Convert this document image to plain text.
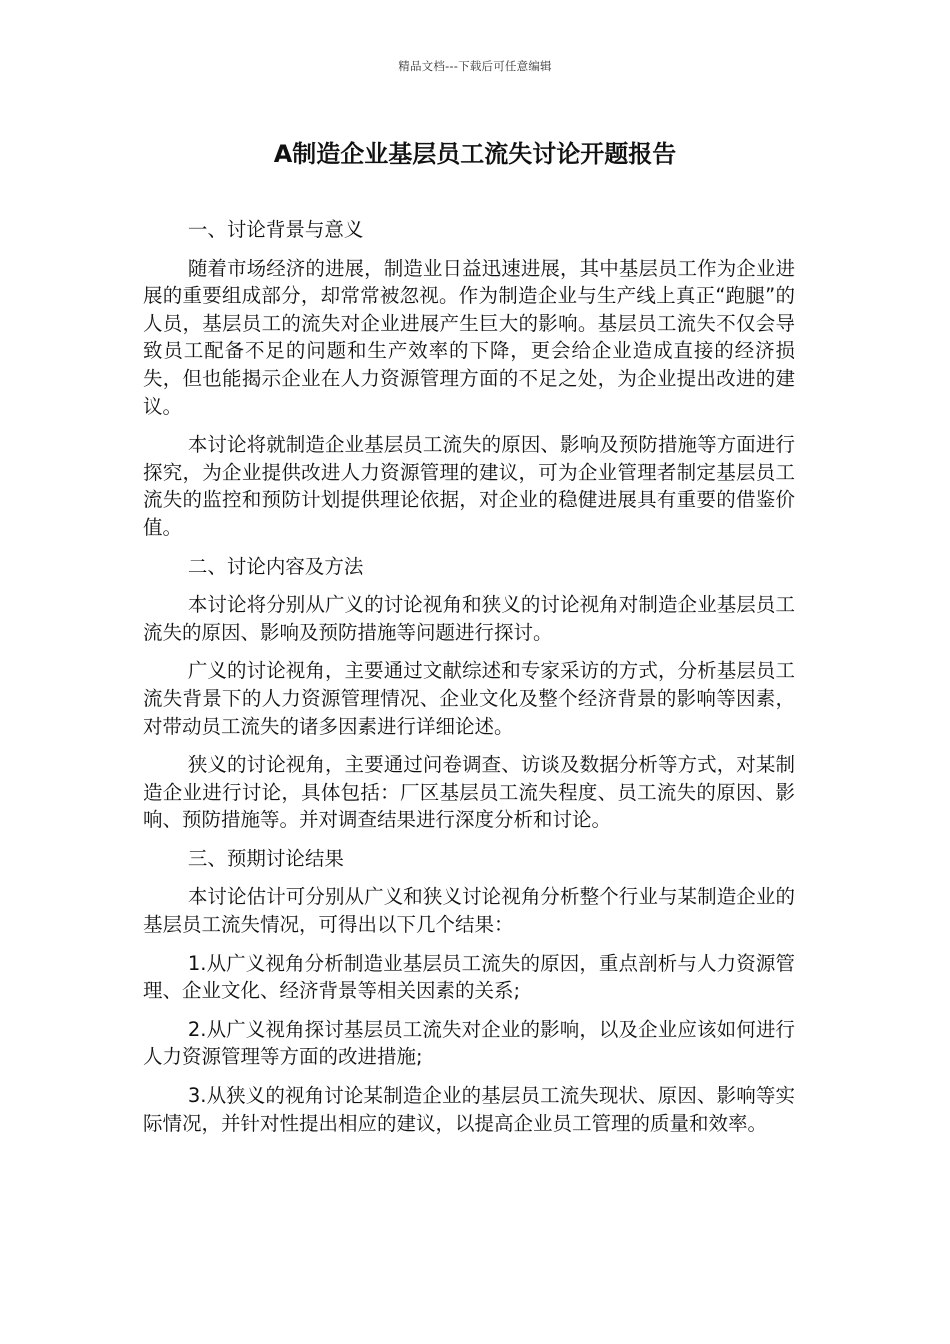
精品文档---下载后可任意编辑
A制造企业基层员工流失讨论开题报告

一、讨论背景与意义

随着市场经济的进展，制造业日益迅速进展，其中基层员工作为企业进展的重要组成部分，却常常被忽视。作为制造企业与生产线上真正“跑腿”的人员，基层员工的流失对企业进展产生巨大的影响。基层员工流失不仅会导致员工配备不足的问题和生产效率的下降，更会给企业造成直接的经济损失，但也能揭示企业在人力资源管理方面的不足之处，为企业提出改进的建议。

本讨论将就制造企业基层员工流失的原因、影响及预防措施等方面进行探究，为企业提供改进人力资源管理的建议，可为企业管理者制定基层员工流失的监控和预防计划提供理论依据，对企业的稳健进展具有重要的借鉴价值。

二、讨论内容及方法

本讨论将分别从广义的讨论视角和狭义的讨论视角对制造企业基层员工流失的原因、影响及预防措施等问题进行探讨。

广义的讨论视角，主要通过文献综述和专家采访的方式，分析基层员工流失背景下的人力资源管理情况、企业文化及整个经济背景的影响等因素，对带动员工流失的诸多因素进行详细论述。

狭义的讨论视角，主要通过问卷调查、访谈及数据分析等方式，对某制造企业进行讨论，具体包括：厂区基层员工流失程度、员工流失的原因、影响、预防措施等。并对调查结果进行深度分析和讨论。

三、预期讨论结果

本讨论估计可分别从广义和狭义讨论视角分析整个行业与某制造企业的基层员工流失情况，可得出以下几个结果：

1.从广义视角分析制造业基层员工流失的原因，重点剖析与人力资源管理、企业文化、经济背景等相关因素的关系;

2.从广义视角探讨基层员工流失对企业的影响，以及企业应该如何进行人力资源管理等方面的改进措施;

3.从狭义的视角讨论某制造企业的基层员工流失现状、原因、影响等实际情况，并针对性提出相应的建议，以提高企业员工管理的质量和效率。
